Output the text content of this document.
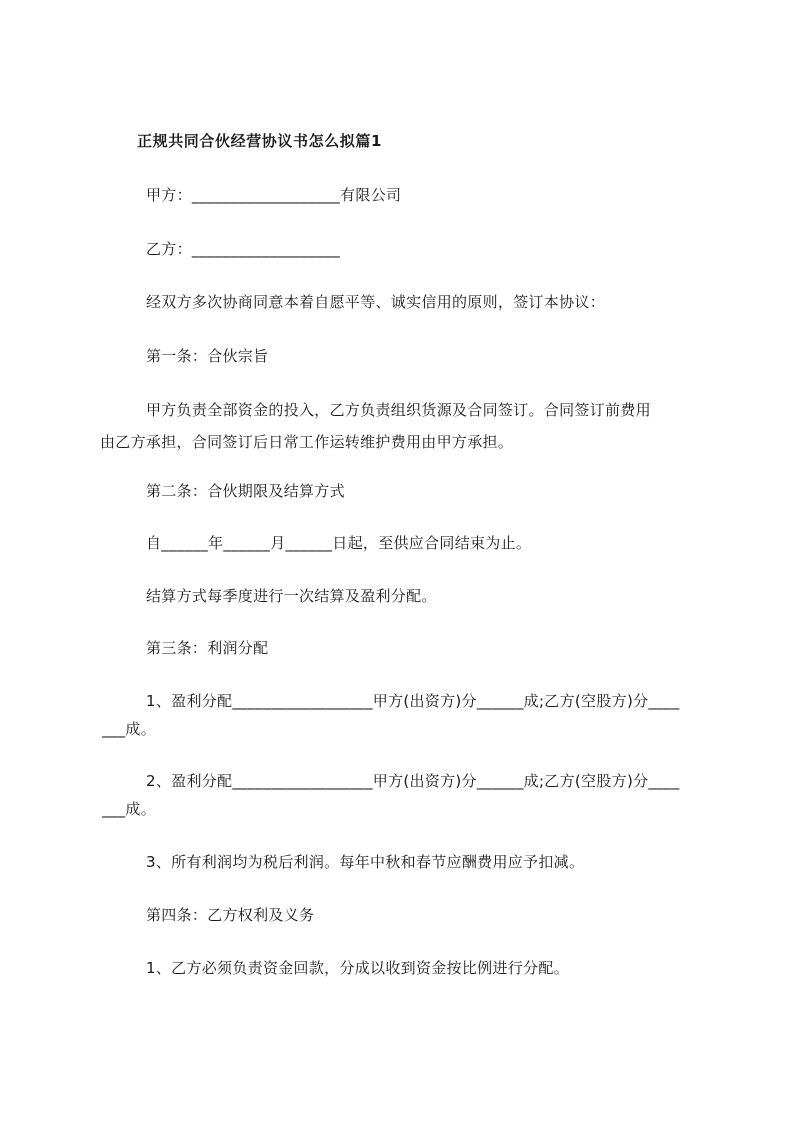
正规共同合伙经营协议书怎么拟篇1
甲方：___________________有限公司
乙方：___________________
经双方多次协商同意本着自愿平等、诚实信用的原则，签订本协议：
第一条：合伙宗旨
甲方负责全部资金的投入，乙方负责组织货源及合同签订。合同签订前费用由乙方承担，合同签订后日常工作运转维护费用由甲方承担。
第二条：合伙期限及结算方式
自______年______月______日起，至供应合同结束为止。
结算方式每季度进行一次结算及盈利分配。
第三条：利润分配
1、盈利分配__________________甲方(出资方)分______成;乙方(空股方)分____
___成。
2、盈利分配__________________甲方(出资方)分______成;乙方(空股方)分____
___成。
3、所有利润均为税后利润。每年中秋和春节应酬费用应予扣减。
第四条：乙方权利及义务
1、乙方必须负责资金回款，分成以收到资金按比例进行分配。
